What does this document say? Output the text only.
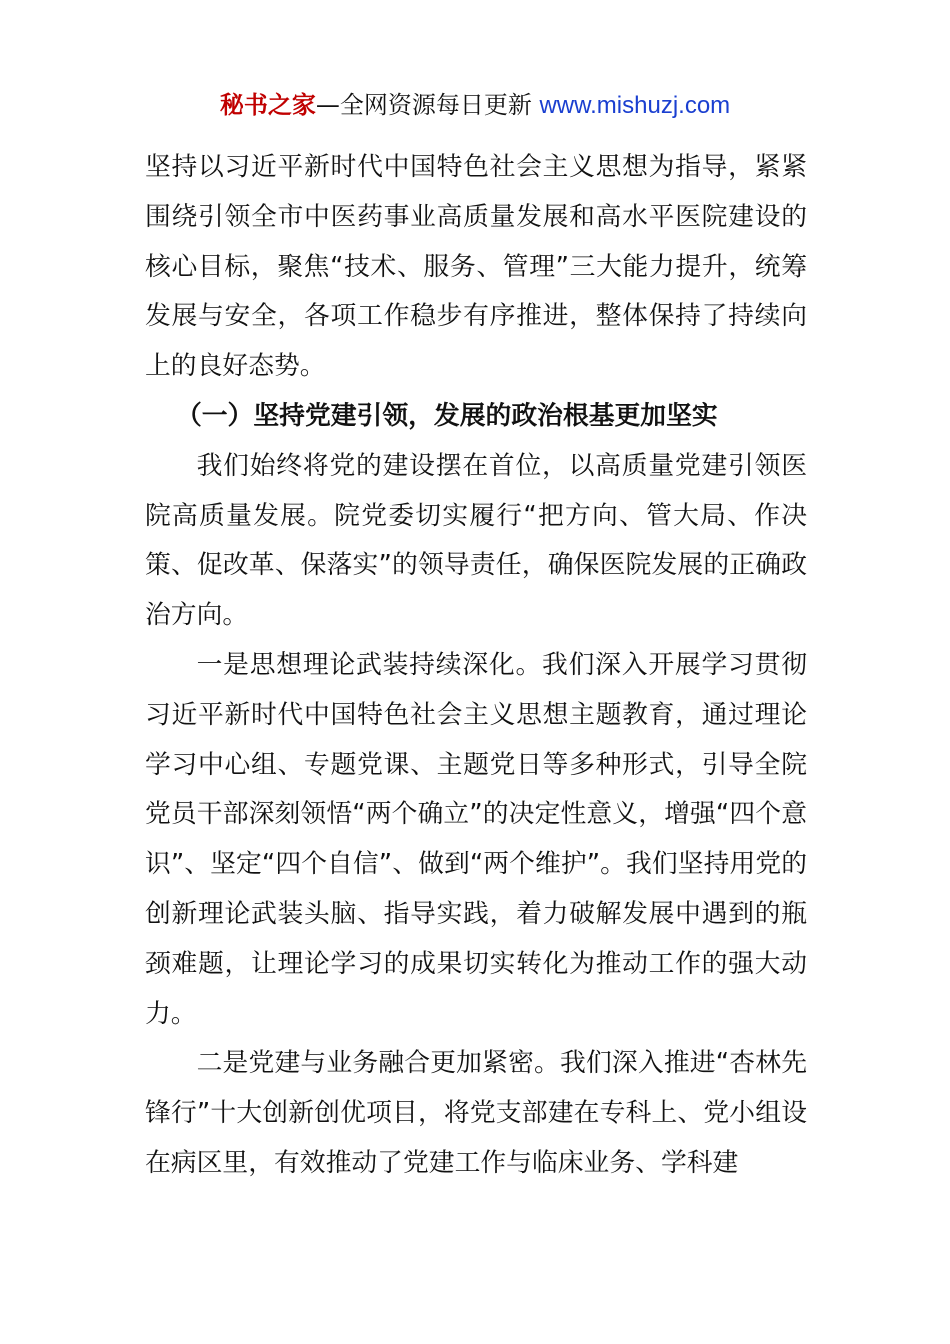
秘书之家—全网资源每日更新 www.mishuzj.com

坚持以习近平新时代中国特色社会主义思想为指导，紧紧围绕引领全市中医药事业高质量发展和高水平医院建设的核心目标，聚焦“技术、服务、管理”三大能力提升，统筹发展与安全，各项工作稳步有序推进，整体保持了持续向上的良好态势。

（一）坚持党建引领，发展的政治根基更加坚实

我们始终将党的建设摆在首位，以高质量党建引领医院高质量发展。院党委切实履行“把方向、管大局、作决策、促改革、保落实”的领导责任，确保医院发展的正确政治方向。

一是思想理论武装持续深化。我们深入开展学习贯彻习近平新时代中国特色社会主义思想主题教育，通过理论学习中心组、专题党课、主题党日等多种形式，引导全院党员干部深刻领悟“两个确立”的决定性意义，增强“四个意识”、坚定“四个自信”、做到“两个维护”。我们坚持用党的创新理论武装头脑、指导实践，着力破解发展中遇到的瓶颈难题，让理论学习的成果切实转化为推动工作的强大动力。

二是党建与业务融合更加紧密。我们深入推进“杏林先锋行”十大创新创优项目，将党支部建在专科上、党小组设在病区里，有效推动了党建工作与临床业务、学科建
